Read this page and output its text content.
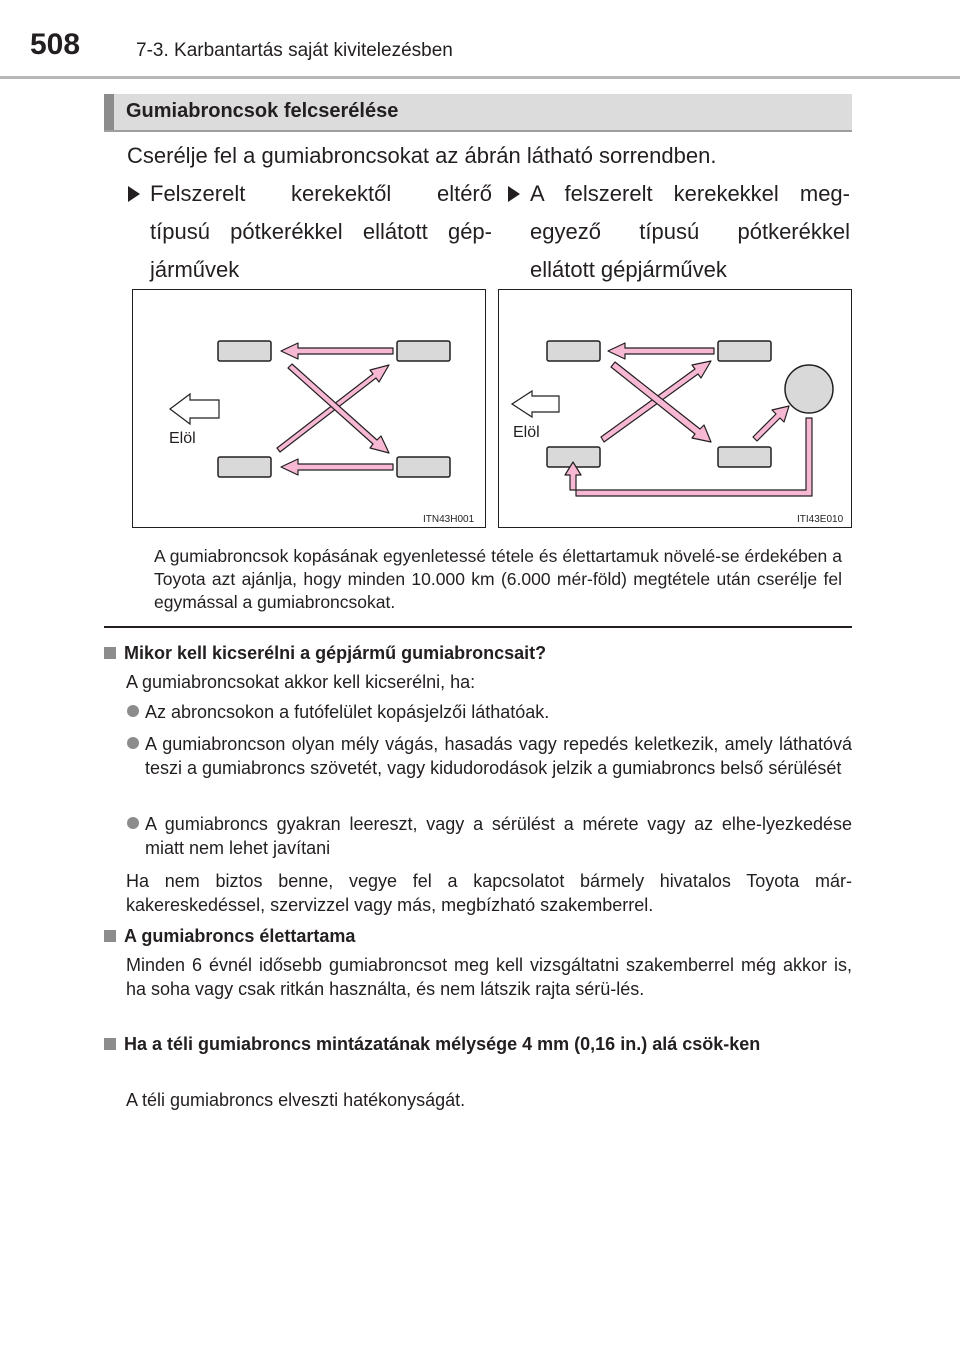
508	7-3. Karbantartás saját kivitelezésben
Gumiabroncsok felcserélése
Cserélje fel a gumiabroncsokat az ábrán látható sorrendben.
Felszerelt kerekektől eltérő
típusú pótkerékkel ellátott gép-
járművek
A felszerelt kerekekkel meg-
egyező típusú pótkerékkel
ellátott gépjárművek
Elöl
ITN43H001
Elöl
ITI43E010
A gumiabroncsok kopásának egyenletessé tétele és élettartamuk növelé-se érdekében a Toyota azt ajánlja, hogy minden 10.000 km (6.000 mér-föld) megtétele után cserélje fel egymással a gumiabroncsokat.
Mikor kell kicserélni a gépjármű gumiabroncsait?
A gumiabroncsokat akkor kell kicserélni, ha:
Az abroncsokon a futófelület kopásjelzői láthatóak.
A gumiabroncson olyan mély vágás, hasadás vagy repedés keletkezik, amely láthatóvá teszi a gumiabroncs szövetét, vagy kidudorodások jelzik a gumiabroncs belső sérülését
A gumiabroncs gyakran leereszt, vagy a sérülést a mérete vagy az elhe-lyezkedése miatt nem lehet javítani
Ha nem biztos benne, vegye fel a kapcsolatot bármely hivatalos Toyota már-kakereskedéssel, szervizzel vagy más, megbízható szakemberrel.
A gumiabroncs élettartama
Minden 6 évnél idősebb gumiabroncsot meg kell vizsgáltatni szakemberrel még akkor is, ha soha vagy csak ritkán használta, és nem látszik rajta sérü-lés.
Ha a téli gumiabroncs mintázatának mélysége 4 mm (0,16 in.) alá csök-ken
A téli gumiabroncs elveszti hatékonyságát.
